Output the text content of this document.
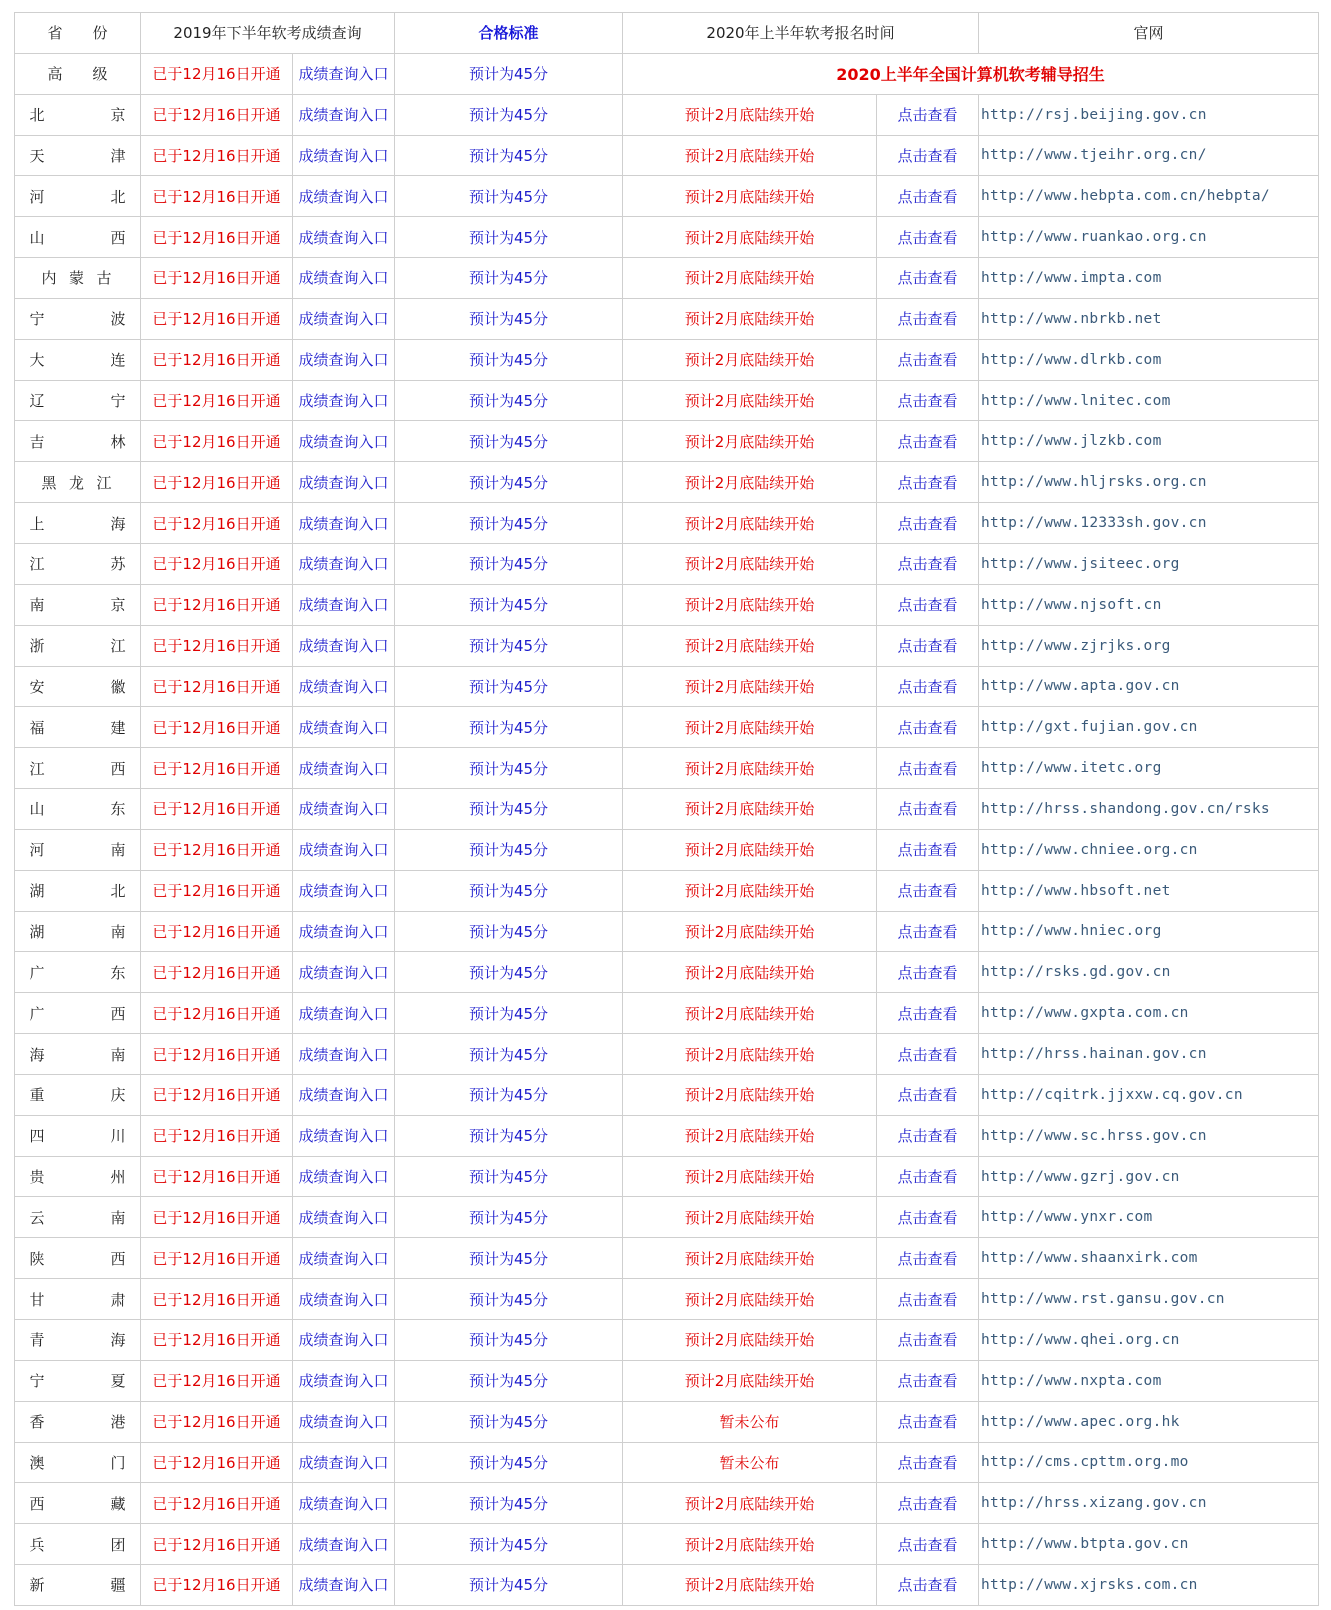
省　　份	2019年下半年软考成绩查询		合格标准	2020年上半年软考报名时间		官网
高　　级	已于12月16日开通	成绩查询入口	预计为45分	2020上半年全国计算机软考辅导招生		
北京	已于12月16日开通	成绩查询入口	预计为45分	预计2月底陆续开始	点击查看	http://rsj.beijing.gov.cn
天津	已于12月16日开通	成绩查询入口	预计为45分	预计2月底陆续开始	点击查看	http://www.tjeihr.org.cn/
河北	已于12月16日开通	成绩查询入口	预计为45分	预计2月底陆续开始	点击查看	http://www.hebpta.com.cn/hebpta/
山西	已于12月16日开通	成绩查询入口	预计为45分	预计2月底陆续开始	点击查看	http://www.ruankao.org.cn
内蒙古	已于12月16日开通	成绩查询入口	预计为45分	预计2月底陆续开始	点击查看	http://www.impta.com
宁波	已于12月16日开通	成绩查询入口	预计为45分	预计2月底陆续开始	点击查看	http://www.nbrkb.net
大连	已于12月16日开通	成绩查询入口	预计为45分	预计2月底陆续开始	点击查看	http://www.dlrkb.com
辽宁	已于12月16日开通	成绩查询入口	预计为45分	预计2月底陆续开始	点击查看	http://www.lnitec.com
吉林	已于12月16日开通	成绩查询入口	预计为45分	预计2月底陆续开始	点击查看	http://www.jlzkb.com
黑龙江	已于12月16日开通	成绩查询入口	预计为45分	预计2月底陆续开始	点击查看	http://www.hljrsks.org.cn
上海	已于12月16日开通	成绩查询入口	预计为45分	预计2月底陆续开始	点击查看	http://www.12333sh.gov.cn
江苏	已于12月16日开通	成绩查询入口	预计为45分	预计2月底陆续开始	点击查看	http://www.jsiteec.org
南京	已于12月16日开通	成绩查询入口	预计为45分	预计2月底陆续开始	点击查看	http://www.njsoft.cn
浙江	已于12月16日开通	成绩查询入口	预计为45分	预计2月底陆续开始	点击查看	http://www.zjrjks.org
安徽	已于12月16日开通	成绩查询入口	预计为45分	预计2月底陆续开始	点击查看	http://www.apta.gov.cn
福建	已于12月16日开通	成绩查询入口	预计为45分	预计2月底陆续开始	点击查看	http://gxt.fujian.gov.cn
江西	已于12月16日开通	成绩查询入口	预计为45分	预计2月底陆续开始	点击查看	http://www.itetc.org
山东	已于12月16日开通	成绩查询入口	预计为45分	预计2月底陆续开始	点击查看	http://hrss.shandong.gov.cn/rsks
河南	已于12月16日开通	成绩查询入口	预计为45分	预计2月底陆续开始	点击查看	http://www.chniee.org.cn
湖北	已于12月16日开通	成绩查询入口	预计为45分	预计2月底陆续开始	点击查看	http://www.hbsoft.net
湖南	已于12月16日开通	成绩查询入口	预计为45分	预计2月底陆续开始	点击查看	http://www.hniec.org
广东	已于12月16日开通	成绩查询入口	预计为45分	预计2月底陆续开始	点击查看	http://rsks.gd.gov.cn
广西	已于12月16日开通	成绩查询入口	预计为45分	预计2月底陆续开始	点击查看	http://www.gxpta.com.cn
海南	已于12月16日开通	成绩查询入口	预计为45分	预计2月底陆续开始	点击查看	http://hrss.hainan.gov.cn
重庆	已于12月16日开通	成绩查询入口	预计为45分	预计2月底陆续开始	点击查看	http://cqitrk.jjxxw.cq.gov.cn
四川	已于12月16日开通	成绩查询入口	预计为45分	预计2月底陆续开始	点击查看	http://www.sc.hrss.gov.cn
贵州	已于12月16日开通	成绩查询入口	预计为45分	预计2月底陆续开始	点击查看	http://www.gzrj.gov.cn
云南	已于12月16日开通	成绩查询入口	预计为45分	预计2月底陆续开始	点击查看	http://www.ynxr.com
陕西	已于12月16日开通	成绩查询入口	预计为45分	预计2月底陆续开始	点击查看	http://www.shaanxirk.com
甘肃	已于12月16日开通	成绩查询入口	预计为45分	预计2月底陆续开始	点击查看	http://www.rst.gansu.gov.cn
青海	已于12月16日开通	成绩查询入口	预计为45分	预计2月底陆续开始	点击查看	http://www.qhei.org.cn
宁夏	已于12月16日开通	成绩查询入口	预计为45分	预计2月底陆续开始	点击查看	http://www.nxpta.com
香港	已于12月16日开通	成绩查询入口	预计为45分	暂未公布	点击查看	http://www.apec.org.hk
澳门	已于12月16日开通	成绩查询入口	预计为45分	暂未公布	点击查看	http://cms.cpttm.org.mo
西藏	已于12月16日开通	成绩查询入口	预计为45分	预计2月底陆续开始	点击查看	http://hrss.xizang.gov.cn
兵团	已于12月16日开通	成绩查询入口	预计为45分	预计2月底陆续开始	点击查看	http://www.btpta.gov.cn
新疆	已于12月16日开通	成绩查询入口	预计为45分	预计2月底陆续开始	点击查看	http://www.xjrsks.com.cn
